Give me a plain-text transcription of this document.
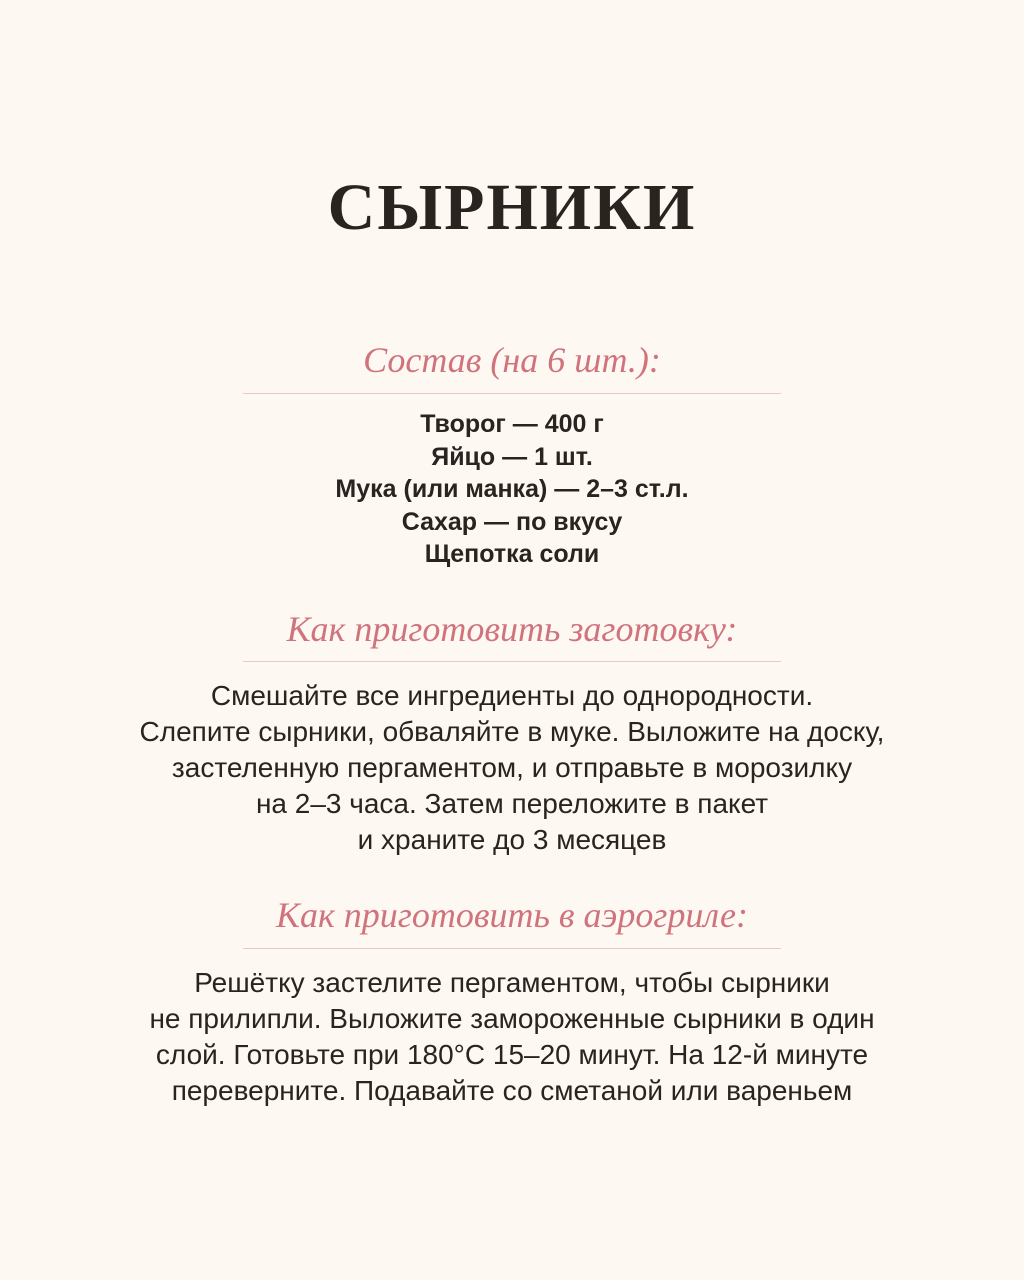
СЫРНИКИ
Состав (на 6 шт.):
Творог — 400 г
Яйцо — 1 шт.
Мука (или манка) — 2–3 ст.л.
Сахар — по вкусу
Щепотка соли
Как приготовить заготовку:
Смешайте все ингредиенты до однородности.
Слепите сырники, обваляйте в муке. Выложите на доску,
застеленную пергаментом, и отправьте в морозилку
на 2–3 часа. Затем переложите в пакет
и храните до 3 месяцев
Как приготовить в аэрогриле:
Решётку застелите пергаментом, чтобы сырники
не прилипли. Выложите замороженные сырники в один
слой. Готовьте при 180°С 15–20 минут. На 12-й минуте
переверните. Подавайте со сметаной или вареньем
